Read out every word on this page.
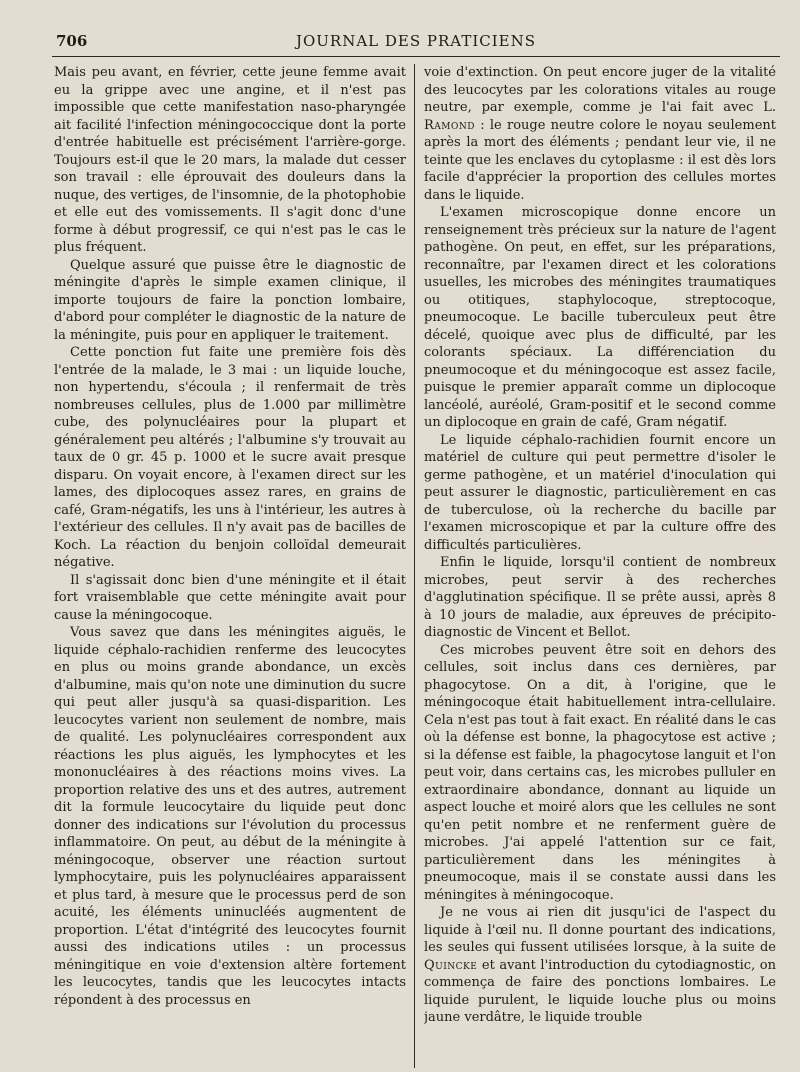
706	JOURNAL DES PRATICIENS

Mais peu avant, en février, cette jeune femme avait eu la grippe avec une angine, et il n'est pas impossible que cette manifestation naso-pharyngée ait facilité l'infection méningococcique dont la porte d'entrée habituelle est précisément l'arrière-gorge. Toujours est-il que le 20 mars, la malade dut cesser son travail : elle éprouvait des douleurs dans la nuque, des vertiges, de l'insomnie, de la photophobie et elle eut des vomissements. Il s'agit donc d'une forme à début progressif, ce qui n'est pas le cas le plus fréquent.

Quelque assuré que puisse être le diagnostic de méningite d'après le simple examen clinique, il importe toujours de faire la ponction lombaire, d'abord pour compléter le diagnostic de la nature de la méningite, puis pour en appliquer le traitement.

Cette ponction fut faite une première fois dès l'entrée de la malade, le 3 mai : un liquide louche, non hypertendu, s'écoula ; il renfermait de très nombreuses cellules, plus de 1.000 par millimètre cube, des polynucléaires pour la plupart et généralement peu altérés ; l'albumine s'y trouvait au taux de 0 gr. 45 p. 1000 et le sucre avait presque disparu. On voyait encore, à l'examen direct sur les lames, des diplocoques assez rares, en grains de café, Gram-négatifs, les uns à l'intérieur, les autres à l'extérieur des cellules. Il n'y avait pas de bacilles de Koch. La réaction du benjoin colloïdal demeurait négative.

Il s'agissait donc bien d'une méningite et il était fort vraisemblable que cette méningite avait pour cause la méningocoque.

Vous savez que dans les méningites aiguës, le liquide céphalo-rachidien renferme des leucocytes en plus ou moins grande abondance, un excès d'albumine, mais qu'on note une diminution du sucre qui peut aller jusqu'à sa quasi-disparition. Les leucocytes varient non seulement de nombre, mais de qualité. Les polynucléaires correspondent aux réactions les plus aiguës, les lymphocytes et les mononucléaires à des réactions moins vives. La proportion relative des uns et des autres, autrement dit la formule leucocytaire du liquide peut donc donner des indications sur l'évolution du processus inflammatoire. On peut, au début de la méningite à méningocoque, observer une réaction surtout lymphocytaire, puis les polynucléaires apparaissent et plus tard, à mesure que le processus perd de son acuité, les éléments uninucléés augmentent de proportion. L'état d'intégrité des leucocytes fournit aussi des indications utiles : un processus méningitique en voie d'extension altère fortement les leucocytes, tandis que les leucocytes intacts répondent à des processus en

voie d'extinction. On peut encore juger de la vitalité des leucocytes par les colorations vitales au rouge neutre, par exemple, comme je l'ai fait avec L. Ramond : le rouge neutre colore le noyau seulement après la mort des éléments ; pendant leur vie, il ne teinte que les enclaves du cytoplasme : il est dès lors facile d'apprécier la proportion des cellules mortes dans le liquide.

L'examen microscopique donne encore un renseignement très précieux sur la nature de l'agent pathogène. On peut, en effet, sur les préparations, reconnaître, par l'examen direct et les colorations usuelles, les microbes des méningites traumatiques ou otitiques, staphylocoque, streptocoque, pneumocoque. Le bacille tuberculeux peut être décelé, quoique avec plus de difficulté, par les colorants spéciaux. La différenciation du pneumocoque et du méningocoque est assez facile, puisque le premier apparaît comme un diplocoque lancéolé, auréolé, Gram-positif et le second comme un diplocoque en grain de café, Gram négatif.

Le liquide céphalo-rachidien fournit encore un matériel de culture qui peut permettre d'isoler le germe pathogène, et un matériel d'inoculation qui peut assurer le diagnostic, particulièrement en cas de tuberculose, où la recherche du bacille par l'examen microscopique et par la culture offre des difficultés particulières.

Enfin le liquide, lorsqu'il contient de nombreux microbes, peut servir à des recherches d'agglutination spécifique. Il se prête aussi, après 8 à 10 jours de maladie, aux épreuves de précipito-diagnostic de Vincent et Bellot.

Ces microbes peuvent être soit en dehors des cellules, soit inclus dans ces dernières, par phagocytose. On a dit, à l'origine, que le méningocoque était habituellement intra-cellulaire. Cela n'est pas tout à fait exact. En réalité dans le cas où la défense est bonne, la phagocytose est active ; si la défense est faible, la phagocytose languit et l'on peut voir, dans certains cas, les microbes pulluler en extraordinaire abondance, donnant au liquide un aspect louche et moiré alors que les cellules ne sont qu'en petit nombre et ne renferment guère de microbes. J'ai appelé l'attention sur ce fait, particulièrement dans les méningites à pneumocoque, mais il se constate aussi dans les méningites à méningocoque.

Je ne vous ai rien dit jusqu'ici de l'aspect du liquide à l'œil nu. Il donne pourtant des indications, les seules qui fussent utilisées lorsque, à la suite de Quincke et avant l'introduction du cytodiagnostic, on commença de faire des ponctions lombaires. Le liquide purulent, le liquide louche plus ou moins jaune verdâtre, le liquide trouble
